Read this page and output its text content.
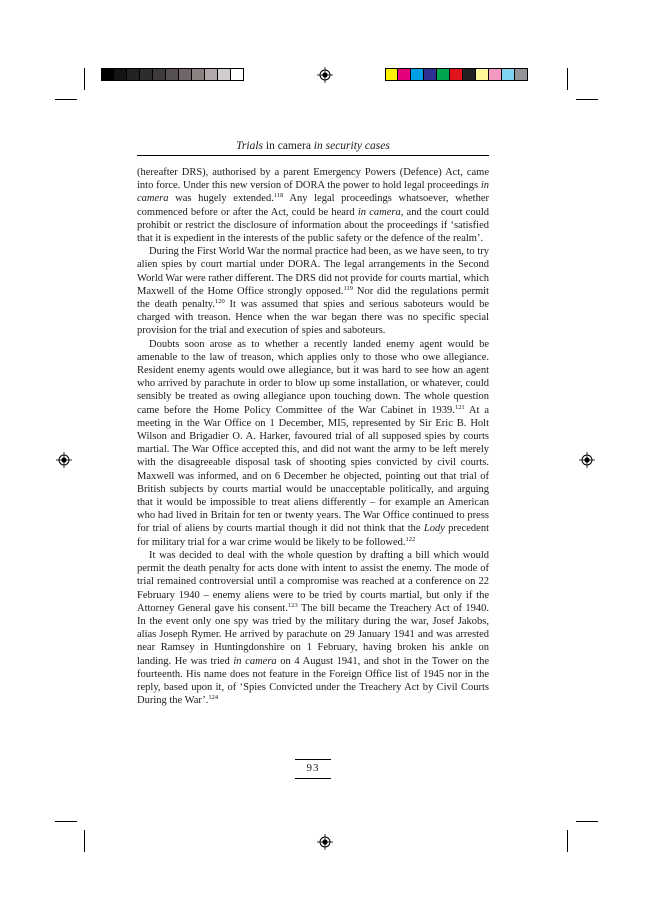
Trials in camera in security cases

(hereafter DRS), authorised by a parent Emergency Powers (Defence) Act, came into force. Under this new version of DORA the power to hold legal proceedings in camera was hugely extended.$^{118}$ Any legal proceedings whatsoever, whether commenced before or after the Act, could be heard in camera, and the court could prohibit or restrict the disclosure of information about the proceedings if ‘satisfied that it is expedient in the interests of the public safety or the defence of the realm’.

During the First World War the normal practice had been, as we have seen, to try alien spies by court martial under DORA. The legal arrangements in the Second World War were rather different. The DRS did not provide for courts martial, which Maxwell of the Home Office strongly opposed.$^{119}$ Nor did the regulations permit the death penalty.$^{120}$ It was assumed that spies and serious saboteurs would be charged with treason. Hence when the war began there was no specific special provision for the trial and execution of spies and saboteurs.

Doubts soon arose as to whether a recently landed enemy agent would be amenable to the law of treason, which applies only to those who owe allegiance. Resident enemy agents would owe allegiance, but it was hard to see how an agent who arrived by parachute in order to blow up some installation, or whatever, could sensibly be treated as owing allegiance upon touching down. The whole question came before the Home Policy Committee of the War Cabinet in 1939.$^{121}$ At a meeting in the War Office on 1 December, MI5, represented by Sir Eric B. Holt Wilson and Brigadier O. A. Harker, favoured trial of all supposed spies by courts martial. The War Office accepted this, and did not want the army to be left merely with the disagreeable disposal task of shooting spies convicted by civil courts. Maxwell was informed, and on 6 December he objected, pointing out that trial of British subjects by courts martial would be unacceptable politically, and arguing that it would be impossible to treat aliens differently – for example an American who had lived in Britain for ten or twenty years. The War Office continued to press for trial of aliens by courts martial though it did not think that the Lody precedent for military trial for a war crime would be likely to be followed.$^{122}$

It was decided to deal with the whole question by drafting a bill which would permit the death penalty for acts done with intent to assist the enemy. The mode of trial remained controversial until a compromise was reached at a conference on 22 February 1940 – enemy aliens were to be tried by courts martial, but only if the Attorney General gave his consent.$^{123}$ The bill became the Treachery Act of 1940. In the event only one spy was tried by the military during the war, Josef Jakobs, alias Joseph Rymer. He arrived by parachute on 29 January 1941 and was arrested near Ramsey in Huntingdonshire on 1 February, having broken his ankle on landing. He was tried in camera on 4 August 1941, and shot in the Tower on the fourteenth. His name does not feature in the Foreign Office list of 1945 nor in the reply, based upon it, of ‘Spies Convicted under the Treachery Act by Civil Courts During the War’.$^{124}$

93
